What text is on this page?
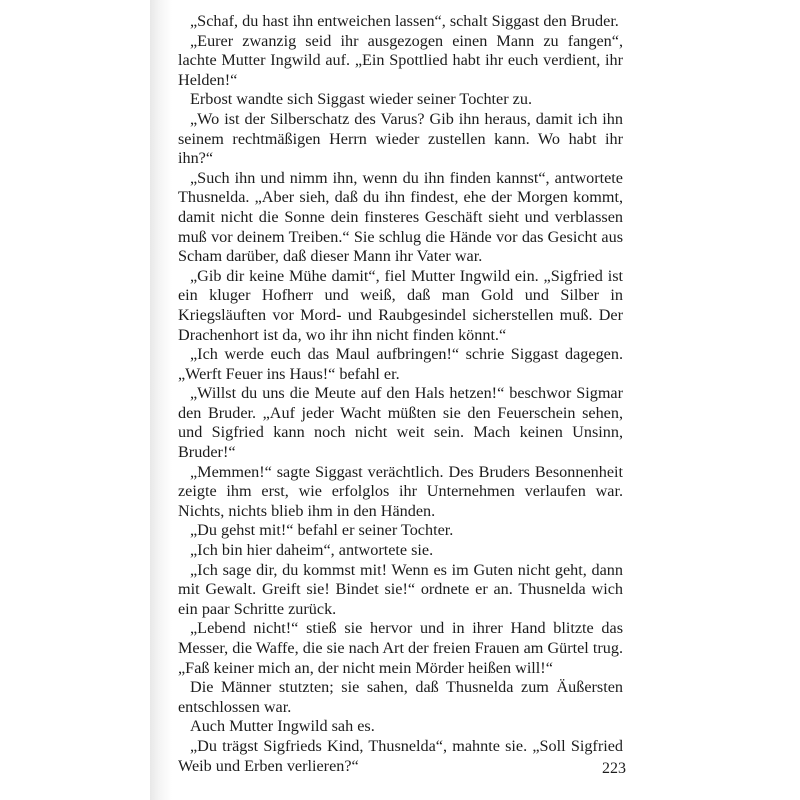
„Schaf, du hast ihn entweichen lassen“, schalt Siggast den Bruder.

„Eurer zwanzig seid ihr ausgezogen einen Mann zu fangen“, lachte Mutter Ingwild auf. „Ein Spottlied habt ihr euch verdient, ihr Helden!“

Erbost wandte sich Siggast wieder seiner Tochter zu.

„Wo ist der Silberschatz des Varus? Gib ihn heraus, damit ich ihn seinem rechtmäßigen Herrn wieder zustellen kann. Wo habt ihr ihn?“

„Such ihn und nimm ihn, wenn du ihn finden kannst“, antwortete Thusnelda. „Aber sieh, daß du ihn findest, ehe der Morgen kommt, damit nicht die Sonne dein finsteres Geschäft sieht und verblassen muß vor deinem Treiben.“ Sie schlug die Hände vor das Gesicht aus Scham darüber, daß dieser Mann ihr Vater war.

„Gib dir keine Mühe damit“, fiel Mutter Ingwild ein. „Sigfried ist ein kluger Hofherr und weiß, daß man Gold und Silber in Kriegsläuften vor Mord- und Raubgesindel sicherstellen muß. Der Drachenhort ist da, wo ihr ihn nicht finden könnt.“

„Ich werde euch das Maul aufbringen!“ schrie Siggast dagegen. „Werft Feuer ins Haus!“ befahl er.

„Willst du uns die Meute auf den Hals hetzen!“ beschwor Sigmar den Bruder. „Auf jeder Wacht müßten sie den Feuerschein sehen, und Sigfried kann noch nicht weit sein. Mach keinen Unsinn, Bruder!“

„Memmen!“ sagte Siggast verächtlich. Des Bruders Besonnenheit zeigte ihm erst, wie erfolglos ihr Unternehmen verlaufen war. Nichts, nichts blieb ihm in den Händen.

„Du gehst mit!“ befahl er seiner Tochter.

„Ich bin hier daheim“, antwortete sie.

„Ich sage dir, du kommst mit! Wenn es im Guten nicht geht, dann mit Gewalt. Greift sie! Bindet sie!“ ordnete er an. Thusnelda wich ein paar Schritte zurück.

„Lebend nicht!“ stieß sie hervor und in ihrer Hand blitzte das Messer, die Waffe, die sie nach Art der freien Frauen am Gürtel trug. „Faß keiner mich an, der nicht mein Mörder heißen will!“

Die Männer stutzten; sie sahen, daß Thusnelda zum Äußersten entschlossen war.

Auch Mutter Ingwild sah es.

„Du trägst Sigfrieds Kind, Thusnelda“, mahnte sie. „Soll Sigfried Weib und Erben verlieren?“	223
